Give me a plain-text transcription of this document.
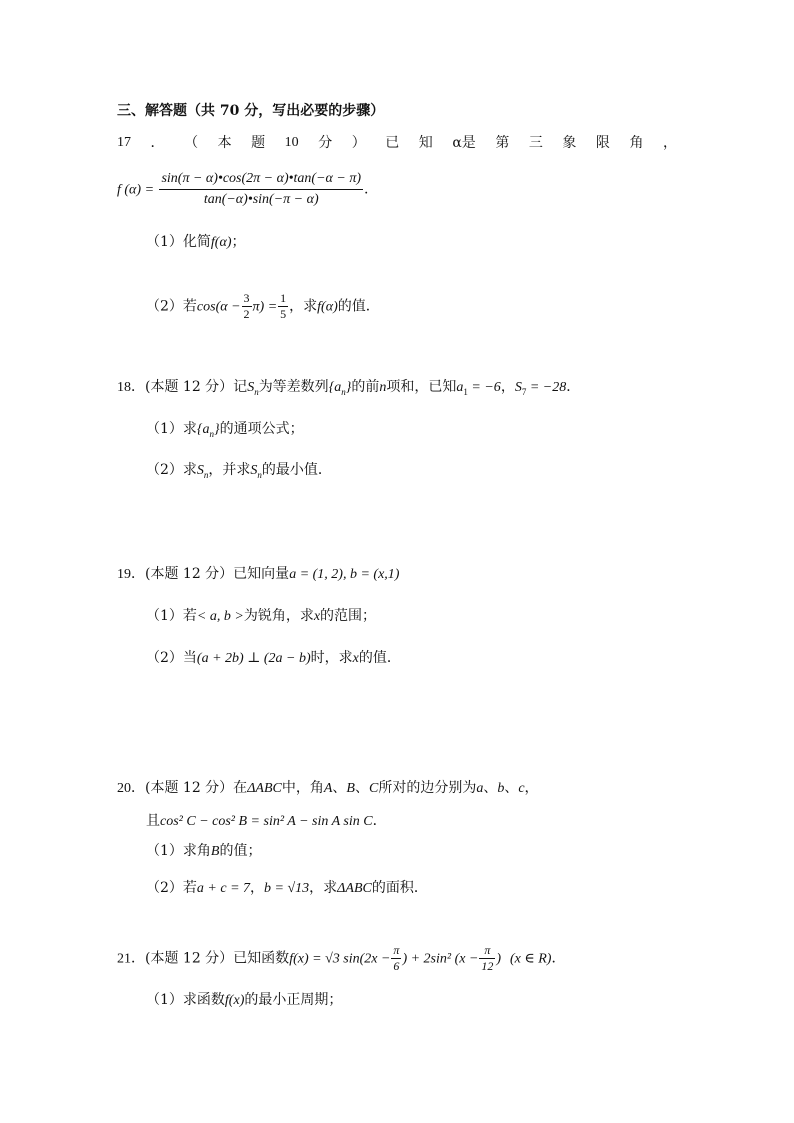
三、解答题（共 70 分，写出必要的步骤）
17 ． （ 本 题 10 分 ） 已 知 α是 第 三 象 限 角 ，
f $(\alpha) = \frac{\sin(\pi - \alpha)•\cos(2\pi - \alpha)•\tan(-\alpha - \pi)}{\tan(-\alpha)•\sin(-\pi - \alpha)}$ .
（1）化简f(α)；
（2）若$\cos(\alpha - \frac{3}{2} \pi) = \frac{1}{5}$ ，求f(α)的值．
18．(本题 12 分）记$S_n$为等差数列$\{a_n\}$的前n项和，已知$a_1 = -6$，$S_7 = -28$．
（1）求$\{a_n\}$的通项公式；
（2）求$S_n$，并求$S_n$的最小值．
19．(本题 12 分）已知向量a = (1, 2), b = (x,1)
（1）若< a, b >为锐角，求x的范围；
（2）当(a + 2b) ⊥ (2a − b)时，求x的值．
20．(本题 12 分）在ΔABC中，角A、B、C所对的边分别为a、b、c，
且cos² C − cos² B = sin² A − sin A sin C．
（1）求角B的值；
（2）若a + c = 7，b = √13，求ΔABC的面积．
21．(本题 12 分）已知函数f(x) = √3 $\sin(2x - \frac{\pi}{6}$ ) + 2sin² ($x - \frac{\pi}{12}$ ) (x ∈ R)．
（1）求函数f(x)的最小正周期；
